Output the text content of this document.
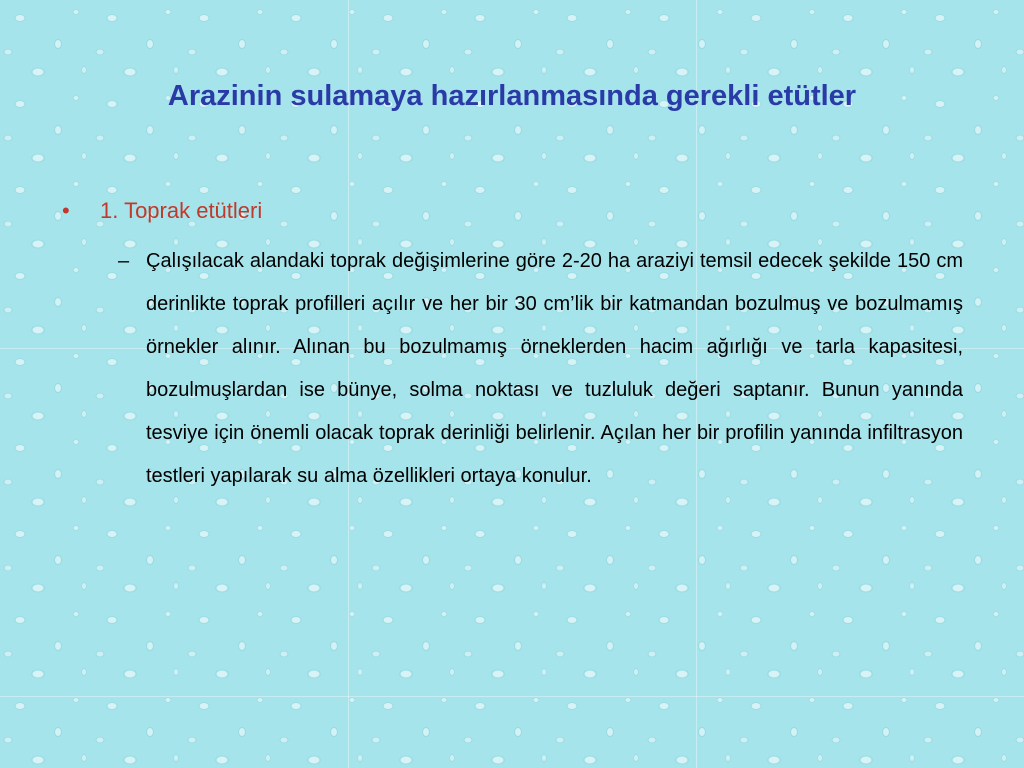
Arazinin sulamaya hazırlanmasında gerekli etütler
•	1. Toprak etütleri
– Çalışılacak alandaki toprak değişimlerine göre 2-20 ha araziyi temsil edecek şekilde 150 cm derinlikte toprak profilleri açılır ve her bir 30 cm’lik bir katmandan bozulmuş ve bozulmamış örnekler alınır. Alınan bu bozulmamış örneklerden hacim ağırlığı ve tarla kapasitesi, bozulmuşlardan ise bünye, solma noktası ve tuzluluk değeri saptanır. Bunun yanında tesviye için önemli olacak toprak derinliği belirlenir. Açılan her bir profilin yanında infiltrasyon testleri yapılarak su alma özellikleri ortaya konulur.
